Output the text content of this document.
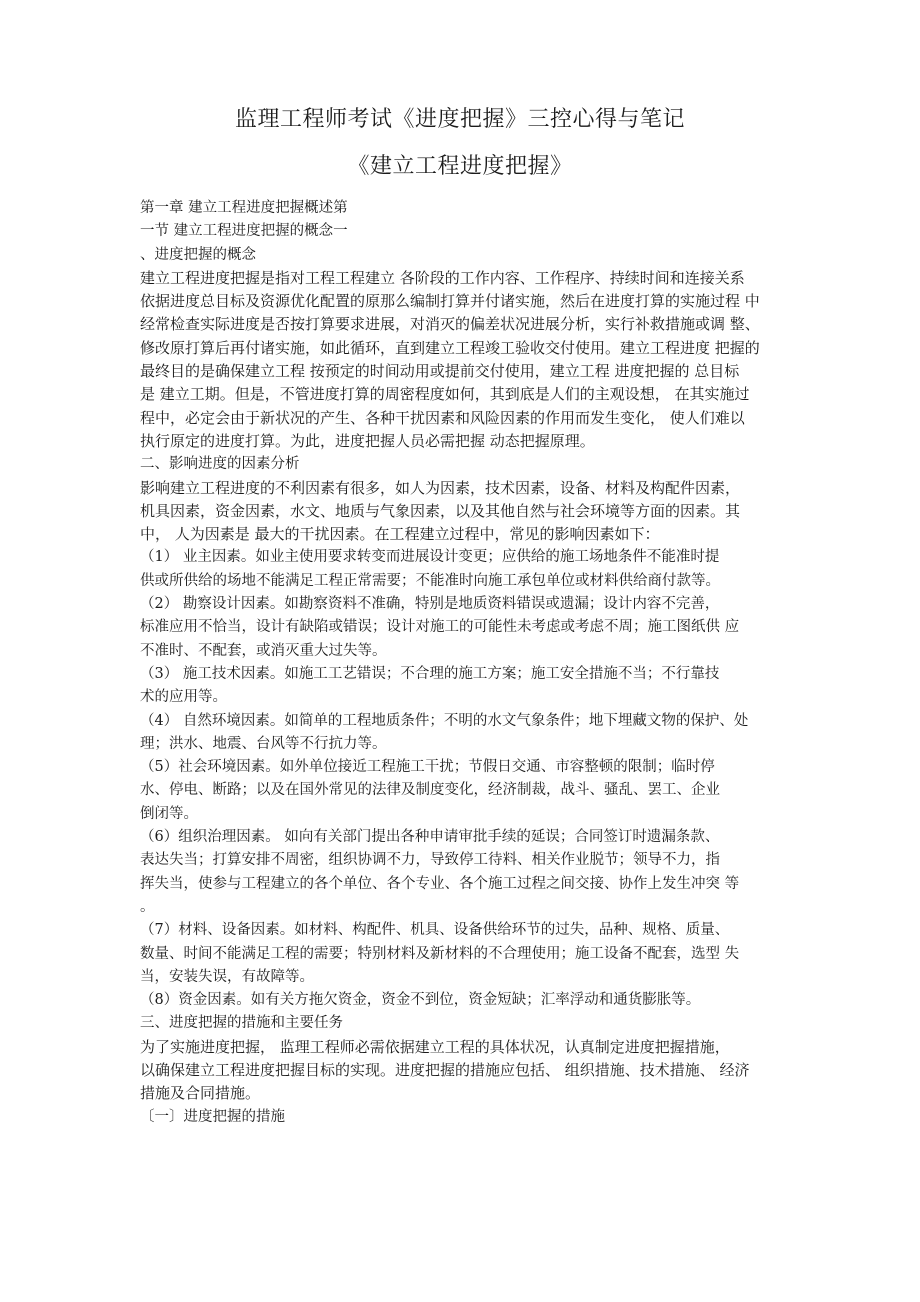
监理工程师考试《进度把握》三控心得与笔记
《建立工程进度把握》
第一章 建立工程进度把握概述第
一节 建立工程进度把握的概念一
、进度把握的概念
建立工程进度把握是指对工程工程建立 各阶段的工作内容、工作程序、持续时间和连接关系
依据进度总目标及资源优化配置的原那么编制打算并付诸实施，然后在进度打算的实施过程 中
经常检查实际进度是否按打算要求进展，对消灭的偏差状况进展分析，实行补救措施或调 整、
修改原打算后再付诸实施，如此循环，直到建立工程竣工验收交付使用。建立工程进度 把握的
最终目的是确保建立工程 按预定的时间动用或提前交付使用，建立工程 进度把握的 总目标
是 建立工期。但是，不管进度打算的周密程度如何，其到底是人们的主观设想， 在其实施过
程中，必定会由于新状况的产生、各种干扰因素和风险因素的作用而发生变化， 使人们难以
执行原定的进度打算。为此，进度把握人员必需把握 动态把握原理。
二、影响进度的因素分析
影响建立工程进度的不利因素有很多，如人为因素，技术因素，设备、材料及构配件因素，
机具因素，资金因素，水文、地质与气象因素，以及其他自然与社会环境等方面的因素。其
中， 人为因素是 最大的干扰因素。在工程建立过程中，常见的影响因素如下：
（1） 业主因素。如业主使用要求转变而进展设计变更；应供给的施工场地条件不能准时提
供或所供给的场地不能满足工程正常需要；不能准时向施工承包单位或材料供给商付款等。
（2） 勘察设计因素。如勘察资料不准确，特别是地质资料错误或遗漏；设计内容不完善，
标准应用不恰当，设计有缺陷或错误；设计对施工的可能性未考虑或考虑不周；施工图纸供 应
不准时、不配套，或消灭重大过失等。
（3） 施工技术因素。如施工工艺错误；不合理的施工方案；施工安全措施不当；不行靠技
术的应用等。
（4） 自然环境因素。如简单的工程地质条件；不明的水文气象条件；地下埋藏文物的保护、处
理；洪水、地震、台风等不行抗力等。
（5）社会环境因素。如外单位接近工程施工干扰；节假日交通、市容整顿的限制；临时停
水、停电、断路；以及在国外常见的法律及制度变化，经济制裁，战斗、骚乱、罢工、企业
倒闭等。
（6）组织治理因素。 如向有关部门提出各种申请审批手续的延误；合同签订时遗漏条款、
表达失当；打算安排不周密，组织协调不力，导致停工待料、相关作业脱节；领导不力，指
挥失当，使参与工程建立的各个单位、各个专业、各个施工过程之间交接、协作上发生冲突 等
。
（7）材料、设备因素。如材料、构配件、机具、设备供给环节的过失，品种、规格、质量、
数量、时间不能满足工程的需要；特别材料及新材料的不合理使用；施工设备不配套，选型 失
当，安装失误，有故障等。
（8）资金因素。如有关方拖欠资金，资金不到位，资金短缺；汇率浮动和通货膨胀等。
三、进度把握的措施和主要任务
为了实施进度把握， 监理工程师必需依据建立工程的具体状况，认真制定进度把握措施，
以确保建立工程进度把握目标的实现。进度把握的措施应包括、 组织措施、技术措施、 经济
措施及合同措施。
〔一〕进度把握的措施
